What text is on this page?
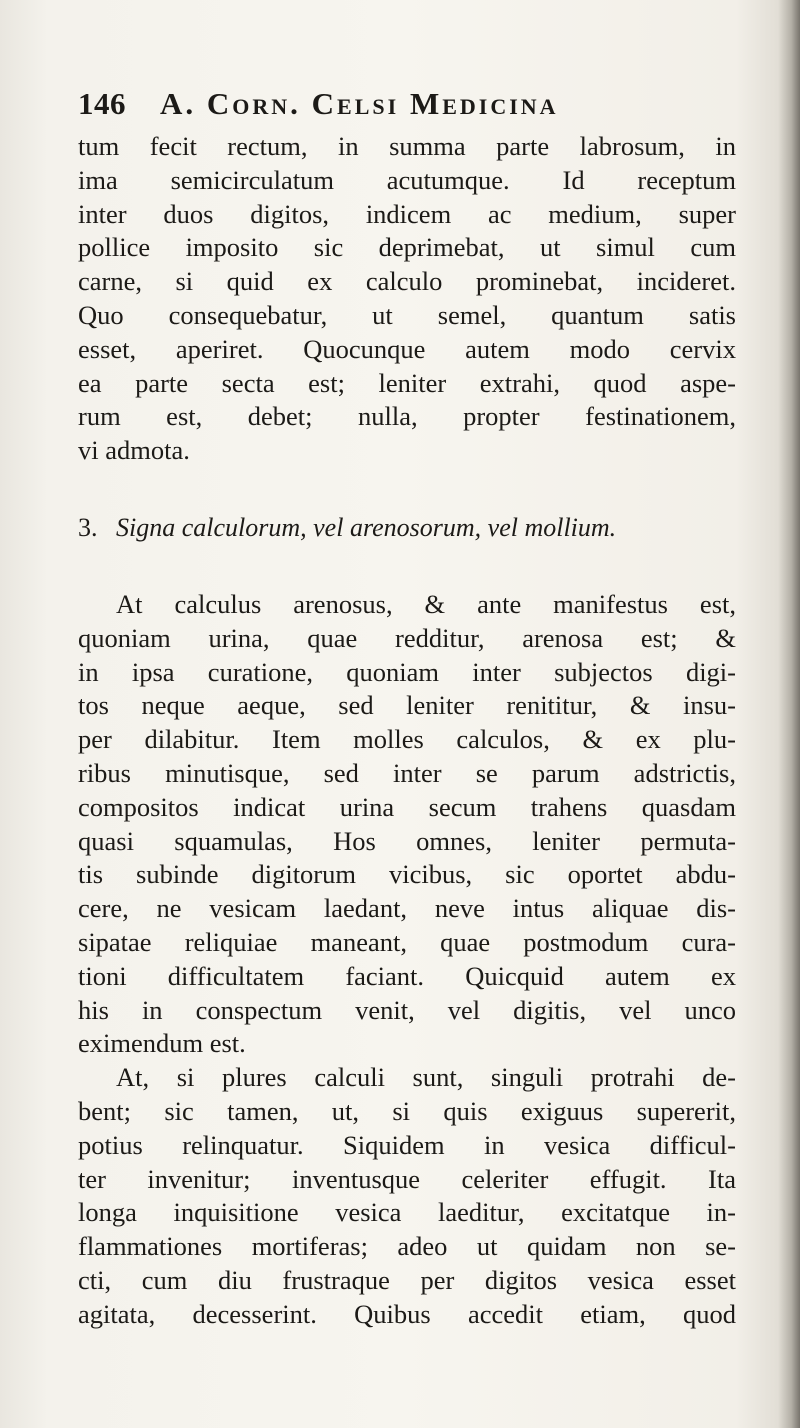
146 A. Corn. Celsi Medicina
tum fecit rectum, in summa parte labrosum, in
ima semicirculatum acutumque. Id receptum
inter duos digitos, indicem ac medium, super
pollice imposito sic deprimebat, ut simul cum
carne, si quid ex calculo prominebat, incideret.
Quo consequebatur, ut semel, quantum satis
esset, aperiret. Quocunque autem modo cervix
ea parte secta est; leniter extrahi, quod aspe-
rum est, debet; nulla, propter festinationem,
vi admota.
3. Signa calculorum, vel arenosorum, vel mollium.
At calculus arenosus, & ante manifestus est,
quoniam urina, quae redditur, arenosa est; &
in ipsa curatione, quoniam inter subjectos digi-
tos neque aeque, sed leniter renititur, & insu-
per dilabitur. Item molles calculos, & ex plu-
ribus minutisque, sed inter se parum adstrictis,
compositos indicat urina secum trahens quasdam
quasi squamulas, Hos omnes, leniter permuta-
tis subinde digitorum vicibus, sic oportet abdu-
cere, ne vesicam laedant, neve intus aliquae dis-
sipatae reliquiae maneant, quae postmodum cura-
tioni difficultatem faciant. Quicquid autem ex
his in conspectum venit, vel digitis, vel unco
eximendum est.
At, si plures calculi sunt, singuli protrahi de-
bent; sic tamen, ut, si quis exiguus supererit,
potius relinquatur. Siquidem in vesica difficul-
ter invenitur; inventusque celeriter effugit. Ita
longa inquisitione vesica laeditur, excitatque in-
flammationes mortiferas; adeo ut quidam non se-
cti, cum diu frustraque per digitos vesica esset
agitata, decesserint. Quibus accedit etiam, quod
